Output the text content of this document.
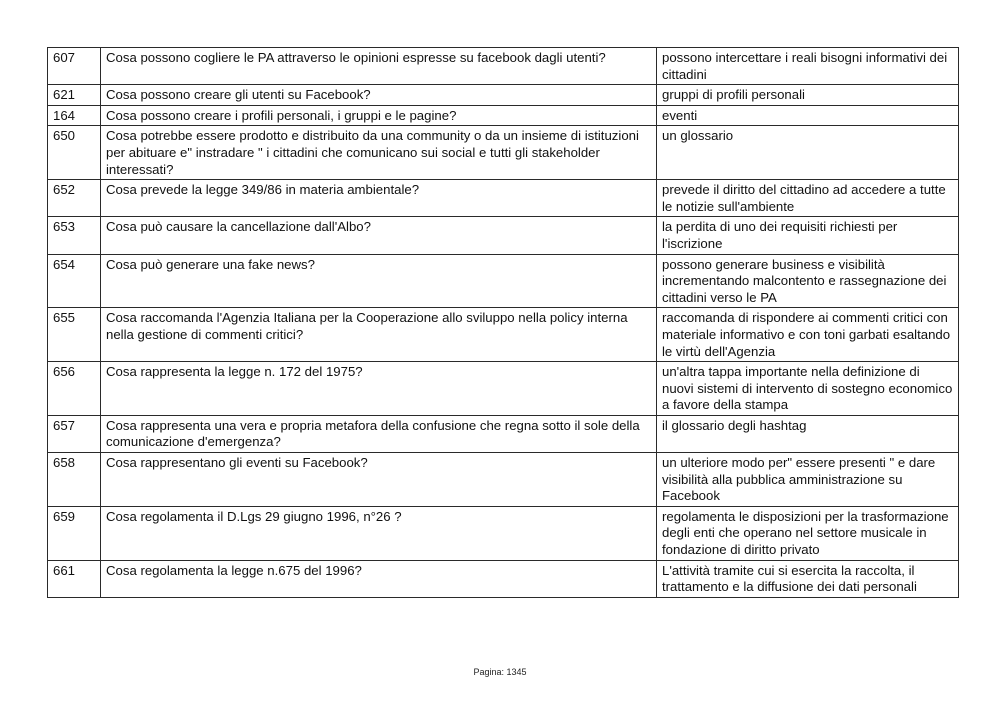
607	Cosa possono cogliere le PA attraverso le opinioni espresse su facebook dagli utenti?	possono intercettare i reali bisogni informativi dei cittadini
621	Cosa possono creare gli utenti su Facebook?	gruppi di profili personali
164	Cosa possono creare i profili personali, i gruppi e le pagine?	eventi
650	Cosa potrebbe essere prodotto e distribuito da una community o da un insieme di istituzioni per abituare e" instradare " i cittadini che comunicano sui social e tutti gli stakeholder interessati?	un glossario
652	Cosa prevede la legge 349/86 in materia ambientale?	prevede il diritto del cittadino ad accedere a tutte le notizie sull'ambiente
653	Cosa può causare la cancellazione dall'Albo?	la perdita di uno dei requisiti richiesti per l'iscrizione
654	Cosa può generare una fake news?	possono generare business e visibilità incrementando malcontento e rassegnazione dei cittadini verso le PA
655	Cosa raccomanda l'Agenzia Italiana per la Cooperazione allo sviluppo nella policy interna nella gestione di commenti critici?	raccomanda di rispondere ai commenti critici con materiale informativo e con toni garbati esaltando le virtù dell'Agenzia
656	Cosa rappresenta la legge n. 172 del 1975?	un'altra tappa importante nella definizione di nuovi sistemi di intervento di sostegno economico a favore della stampa
657	Cosa rappresenta una vera e propria metafora della confusione che regna sotto il sole della comunicazione d'emergenza?	il glossario degli hashtag
658	Cosa rappresentano gli eventi su Facebook?	un ulteriore modo per" essere presenti " e dare visibilità alla pubblica amministrazione su Facebook
659	Cosa regolamenta il D.Lgs 29 giugno 1996, n°26 ?	regolamenta le disposizioni per la trasformazione degli enti che operano nel settore musicale in fondazione di diritto privato
661	Cosa regolamenta la legge n.675 del 1996?	L'attività tramite cui si esercita la raccolta, il trattamento e la diffusione dei dati personali
Pagina: 1345
